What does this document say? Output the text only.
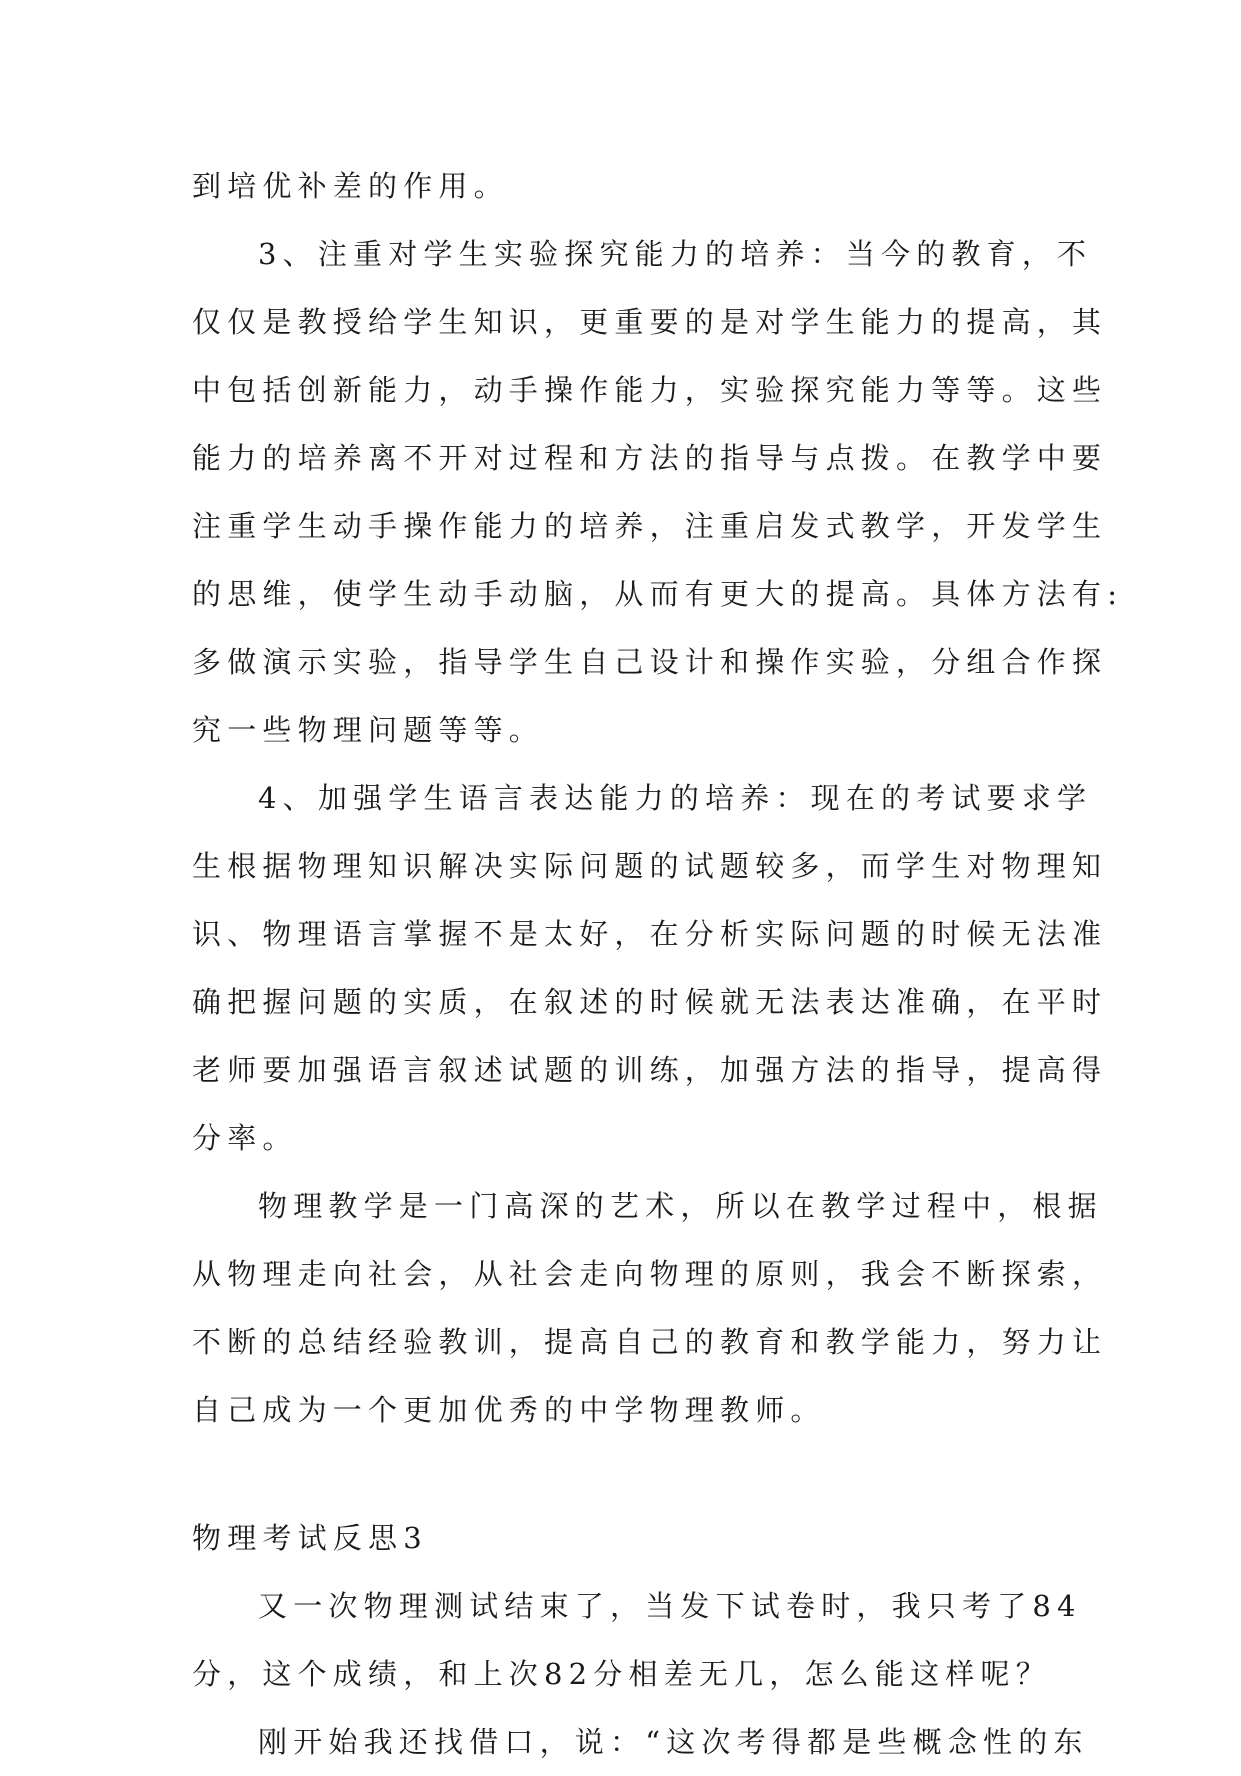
到培优补差的作用。
3、注重对学生实验探究能力的培养：当今的教育，不
仅仅是教授给学生知识，更重要的是对学生能力的提高，其
中包括创新能力，动手操作能力，实验探究能力等等。这些
能力的培养离不开对过程和方法的指导与点拨。在教学中要
注重学生动手操作能力的培养，注重启发式教学，开发学生
的思维，使学生动手动脑，从而有更大的提高。具体方法有:
多做演示实验，指导学生自己设计和操作实验，分组合作探
究一些物理问题等等。
4、加强学生语言表达能力的培养：现在的考试要求学
生根据物理知识解决实际问题的试题较多，而学生对物理知
识、物理语言掌握不是太好，在分析实际问题的时候无法准
确把握问题的实质，在叙述的时候就无法表达准确，在平时
老师要加强语言叙述试题的训练，加强方法的指导，提高得
分率。
物理教学是一门高深的艺术，所以在教学过程中，根据
从物理走向社会，从社会走向物理的原则，我会不断探索，
不断的总结经验教训，提高自己的教育和教学能力，努力让
自己成为一个更加优秀的中学物理教师。
物理考试反思3
又一次物理测试结束了，当发下试卷时，我只考了84
分，这个成绩，和上次82分相差无几，怎么能这样呢？
刚开始我还找借口，说：“这次考得都是些概念性的东
